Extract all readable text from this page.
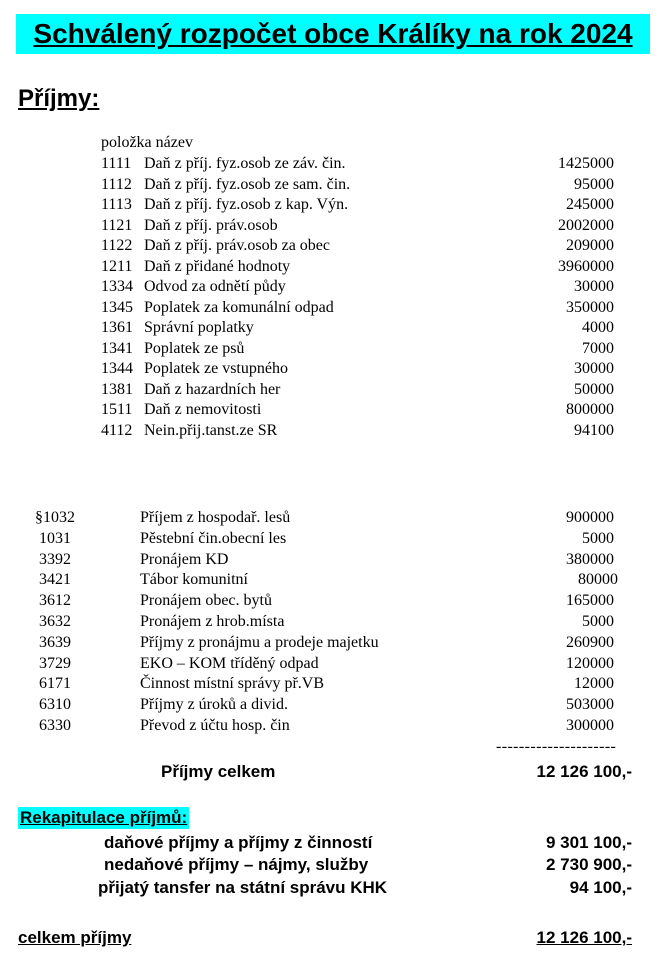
Schválený rozpočet obce Králíky na rok 2024
Příjmy:

položka název

1111 Daň z příj. fyz.osob ze záv. čin.	1425000
1112 Daň z příj. fyz.osob ze sam. čin.	95000
1113 Daň z příj. fyz.osob z kap. Výn.	245000
1121 Daň z příj. práv.osob	2002000
1122 Daň z příj. práv.osob za obec	209000
1211 Daň z přidané hodnoty	3960000
1334 Odvod za odnětí půdy	30000
1345 Poplatek za komunální odpad	350000
1361 Správní poplatky	4000
1341 Poplatek ze psů	7000
1344 Poplatek ze vstupného	30000
1381 Daň z hazardních her	50000
1511 Daň z nemovitosti	800000
4112 Nein.přij.tanst.ze SR	94100
§1032	Příjem z hospodař. lesů	900000
1031	Pěstební čin.obecní les	5000
3392	Pronájem KD	380000
3421	Tábor komunitní	80000
3612	Pronájem obec. bytů	165000
3632	Pronájem z hrob.místa	5000
3639	Příjmy z pronájmu a prodeje majetku	260900
3729	EKO – KOM tříděný odpad	120000
6171	Činnost místní správy př.VB	12000
6310	Příjmy z úroků a divid.	503000
6330	Převod z účtu hosp. čin	300000
---------------------
Příjmy celkem	12 126 100,-
Rekapitulace příjmů:
daňové příjmy a příjmy z činností	9 301 100,-
nedaňové příjmy – nájmy, služby	2 730 900,-
přijatý tansfer na státní správu KHK	94 100,-
celkem příjmy	12 126 100,-
